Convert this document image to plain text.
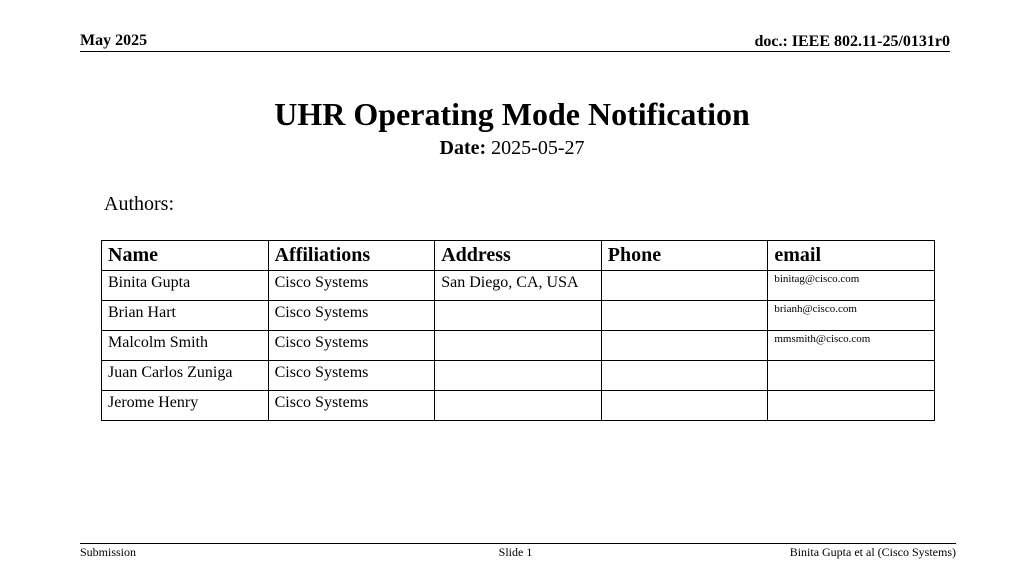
May 2025	doc.: IEEE 802.11-25/0131r0
UHR Operating Mode Notification
Date: 2025-05-27
Authors:
Name	Affiliations	Address	Phone	email
Binita Gupta	Cisco Systems	San Diego, CA, USA		binitag@cisco.com
Brian Hart	Cisco Systems			brianh@cisco.com
Malcolm Smith	Cisco Systems			mmsmith@cisco.com
Juan Carlos Zuniga	Cisco Systems			
Jerome Henry	Cisco Systems			
Submission	Slide 1	Binita Gupta et al (Cisco Systems)
